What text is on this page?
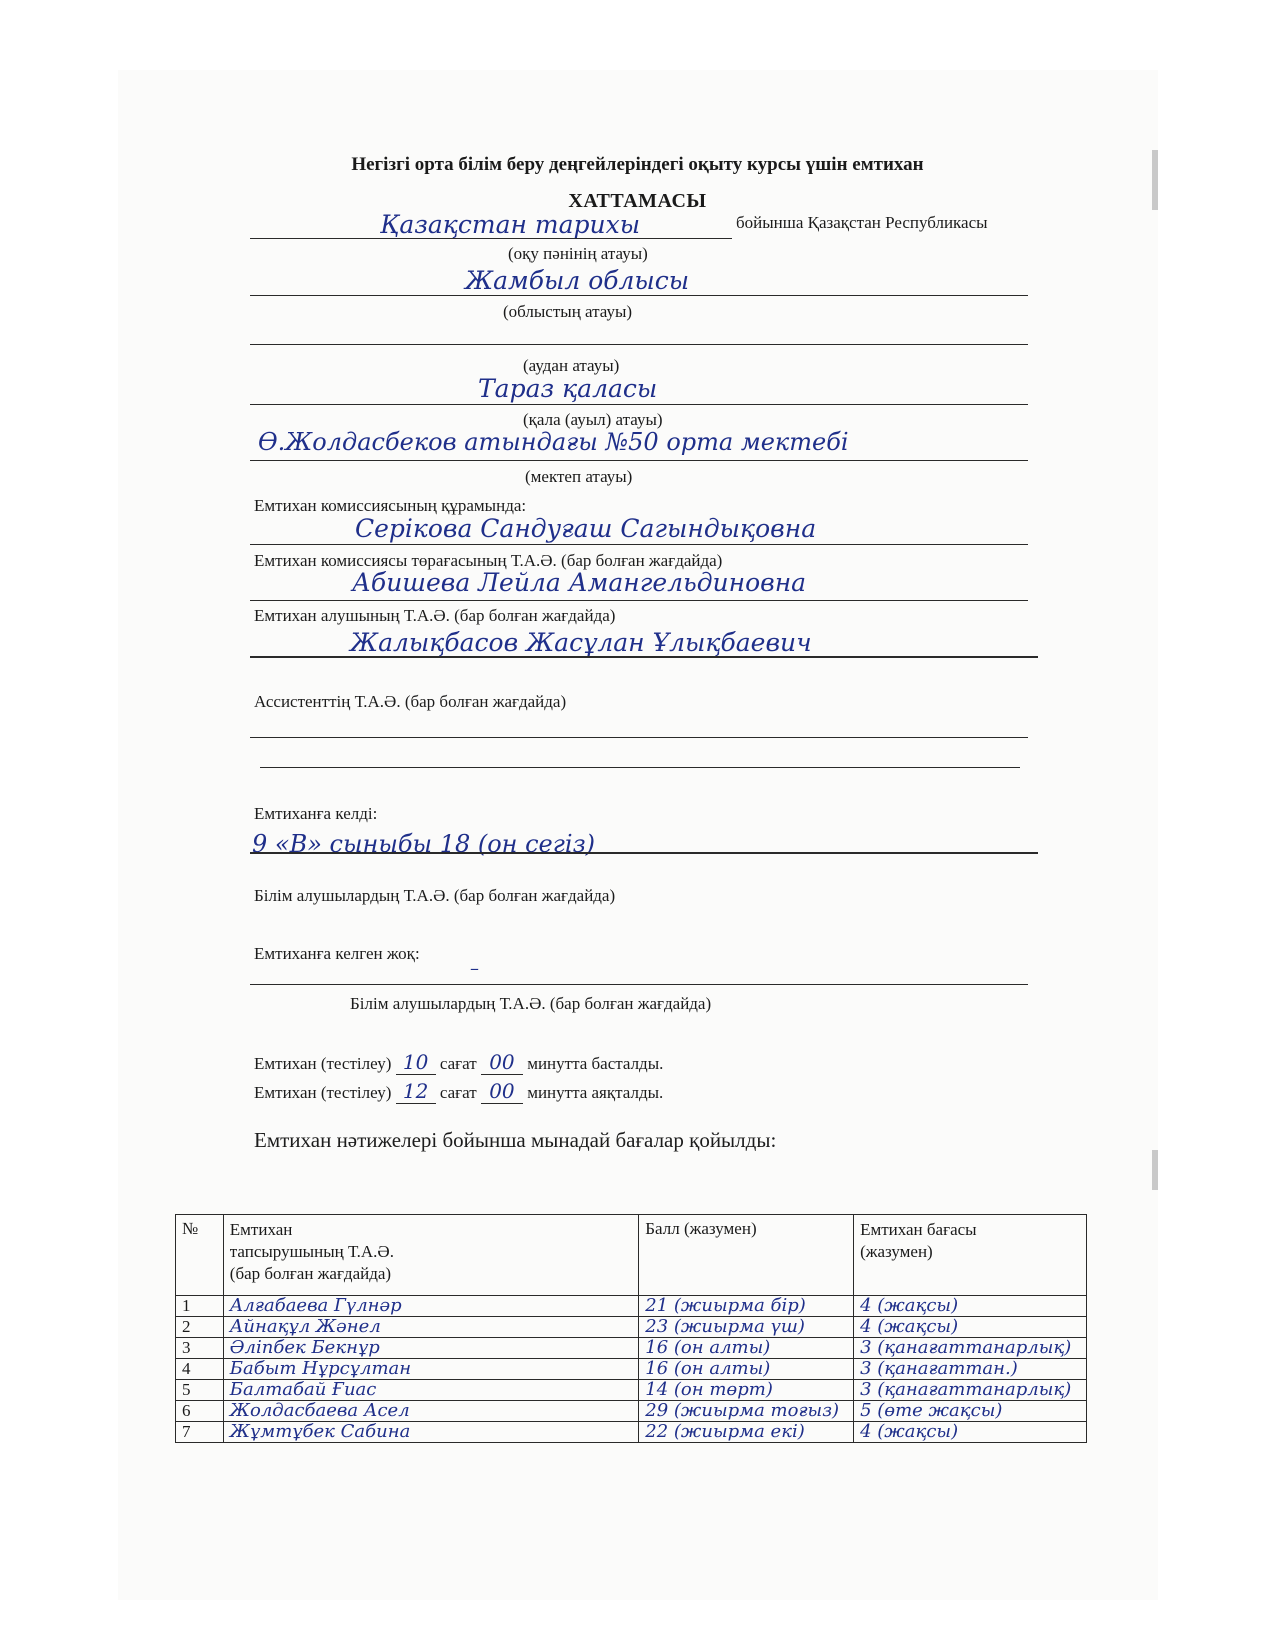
Негізгі орта білім беру деңгейлеріндегі оқыту курсы үшін емтихан
ХАТТАМАСЫ
Қазақстан тарихы	бойынша Қазақстан Республикасы
(оқу пәнінің атауы)
Жамбыл облысы
(облыстың атауы)
(аудан атауы)
Тараз қаласы
(қала (ауыл) атауы)
Ө.Жолдасбеков атындағы №50 орта мектебі
(мектеп атауы)
Емтихан комиссиясының құрамында:
Серікова Сандуғаш Сагындықовна
Емтихан комиссиясы төрағасының Т.А.Ә. (бар болған жағдайда)
Абишева Лейла Амангельдиновна
Емтихан алушының Т.А.Ә. (бар болған жағдайда)
Жалықбасов Жасұлан Ұлықбаевич
Ассистенттің Т.А.Ә. (бар болған жағдайда)
Емтиханға келді:
9 «В» сыныбы 18 (он сегіз)
Білім алушылардың Т.А.Ә. (бар болған жағдайда)
Емтиханға келген жоқ:
–
Білім алушылардың Т.А.Ә. (бар болған жағдайда)
Емтихан (тестілеу) 10 сағат 00 минутта басталды.
Емтихан (тестілеу) 12 сағат 00 минутта аяқталды.
Емтихан нәтижелері бойынша мынадай бағалар қойылды:
№	Емтихан
тапсырушының Т.А.Ә.
(бар болған жағдайда)	Балл (жазумен)	Емтихан бағасы
(жазумен)

1	Алғабаева Гүлнәр	21 (жиырма бір)	4 (жақсы)
2	Айнақұл Жәнел	23 (жиырма үш)	4 (жақсы)
3	Әліпбек Бекнұр	16 (он алты)	3 (қанағаттанарлық)
4	Бабыт Нұрсұлтан	16 (он алты)	3 (қанағаттан.)
5	Балтабай Ғиас	14 (он төрт)	3 (қанағаттанарлық)
6	Жолдасбаева Асел	29 (жиырма тоғыз)	5 (өте жақсы)
7	Жұмтұбек Сабина	22 (жиырма екі)	4 (жақсы)
